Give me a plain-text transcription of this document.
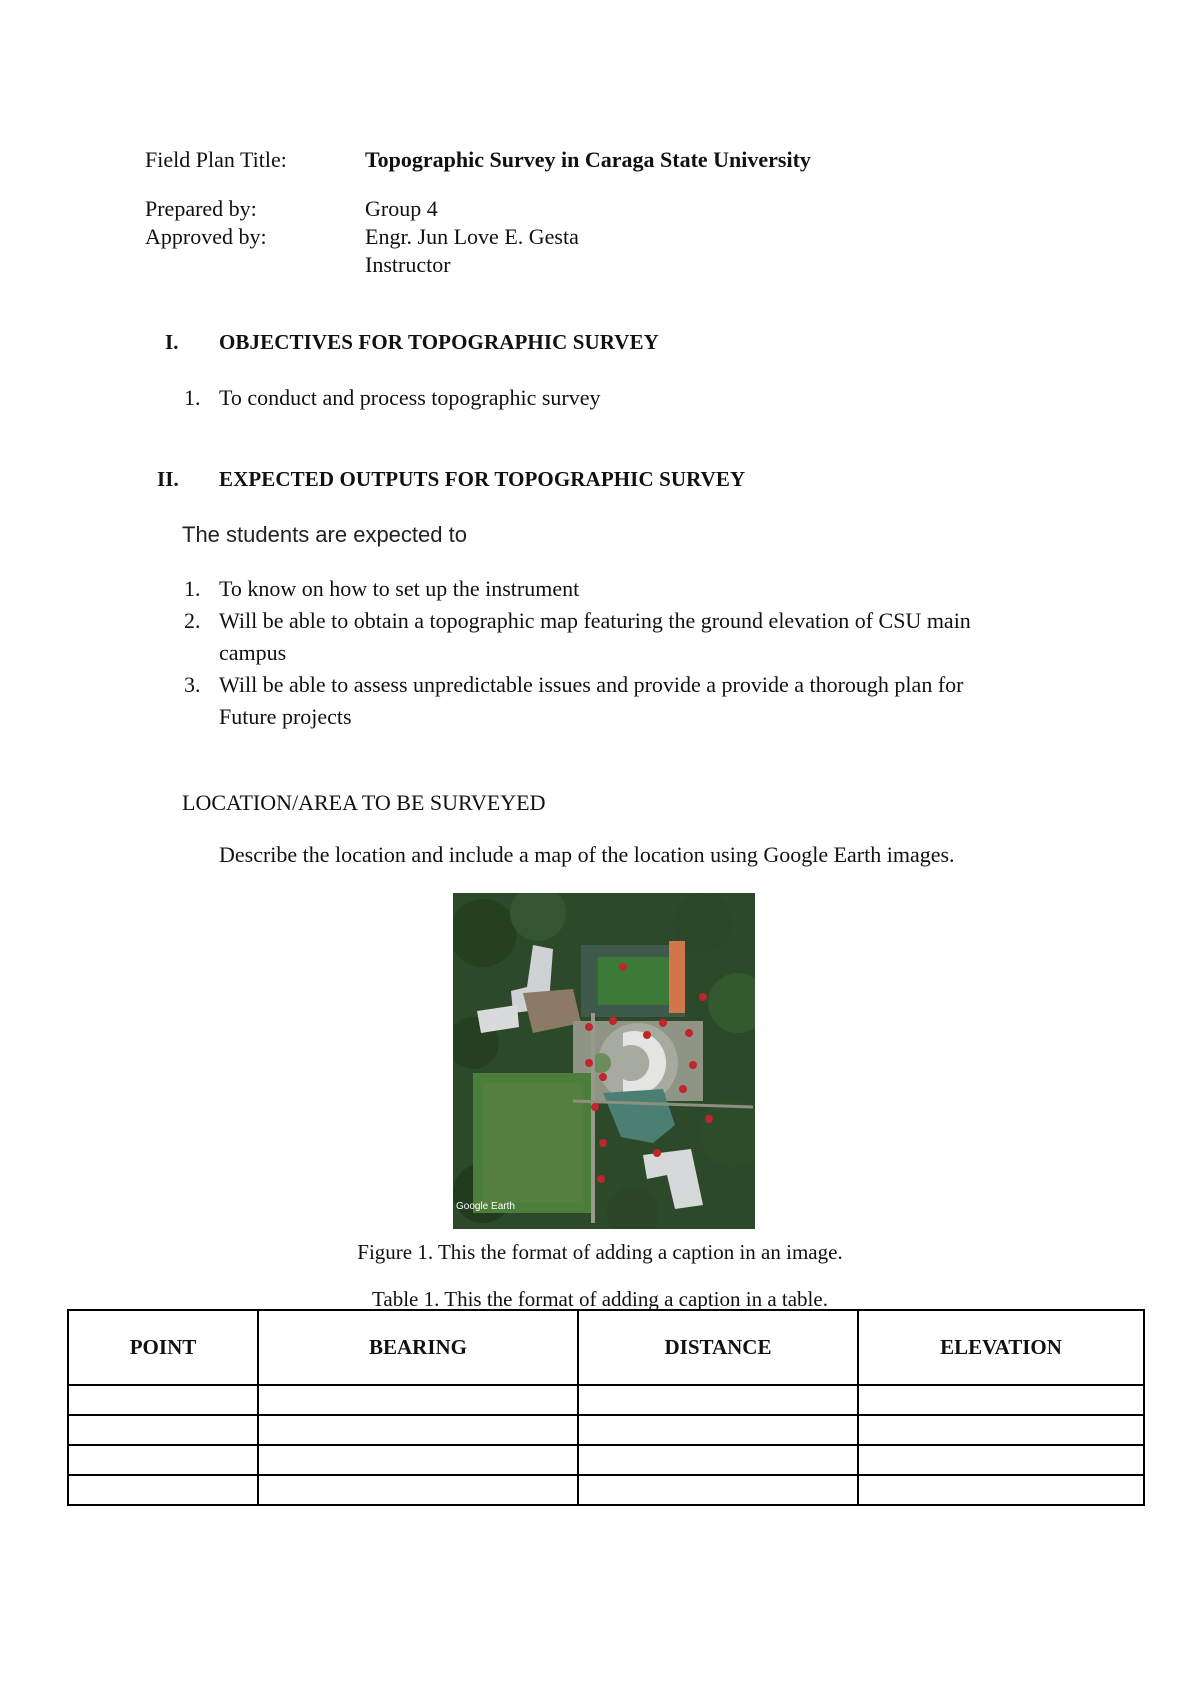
Field Plan Title:	Topographic Survey in Caraga State University
Prepared by:	Group 4
Approved by:	Engr. Jun Love E. Gesta
Instructor
I. OBJECTIVES FOR TOPOGRAPHIC SURVEY
1. To conduct and process topographic survey
II. EXPECTED OUTPUTS FOR TOPOGRAPHIC SURVEY
The students are expected to
1. To know on how to set up the instrument
2. Will be able to obtain a topographic map featuring the ground elevation of CSU main
campus
3. Will be able to assess unpredictable issues and provide a provide a thorough plan for
Future projects
LOCATION/AREA TO BE SURVEYED
Describe the location and include a map of the location using Google Earth images.
Google Earth
Figure 1. This the format of adding a caption in an image.
Table 1. This the format of adding a caption in a table.
POINT	BEARING	DISTANCE	ELEVATION
